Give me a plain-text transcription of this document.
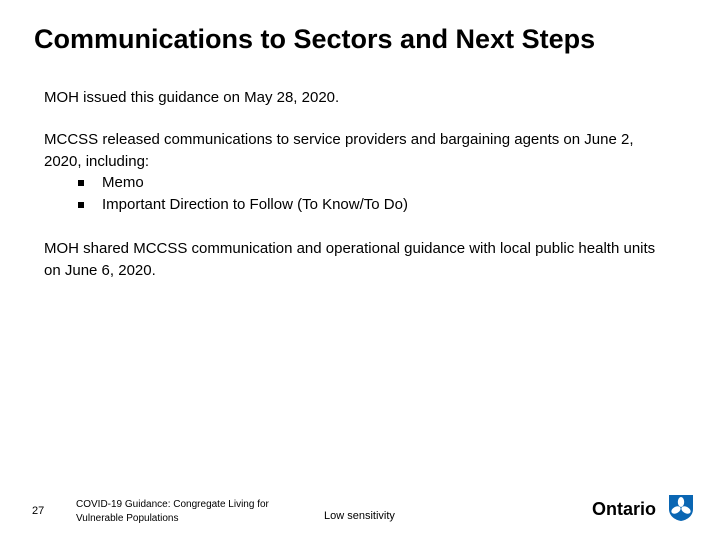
Communications to Sectors and Next Steps

MOH issued this guidance on May 28, 2020.

MCCSS released communications to service providers and bargaining agents on June 2, 2020, including:

Memo
Important Direction to Follow (To Know/To Do)

MOH shared MCCSS communication and operational guidance with local public health units on June 6, 2020.

27
COVID-19 Guidance: Congregate Living for Vulnerable Populations	Low sensitivity	Ontario
